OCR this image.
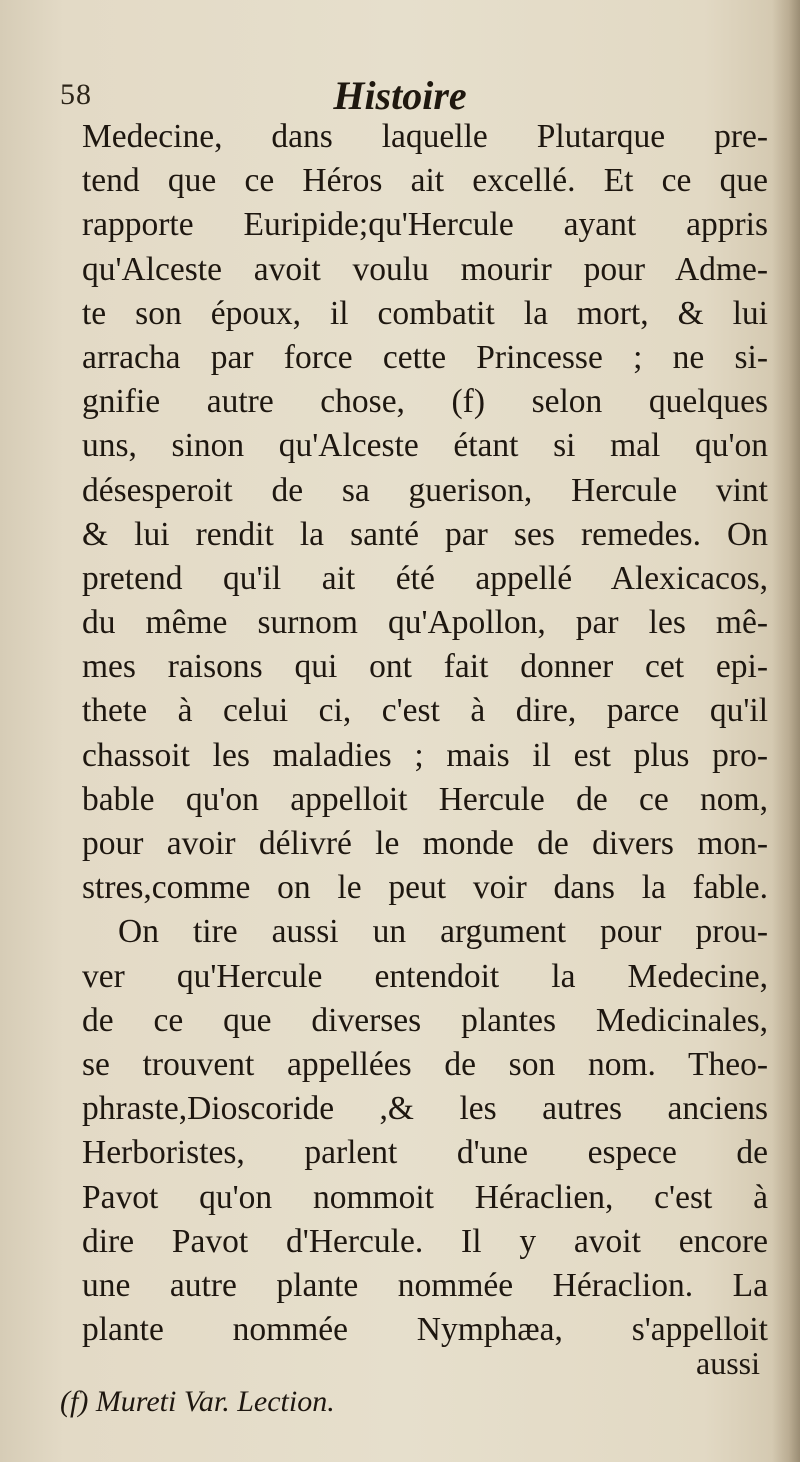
58	Histoire
Medecine, dans laquelle Plutarque pre-
tend que ce Héros ait excellé. Et ce que
rapporte Euripide;qu'Hercule ayant appris
qu'Alceste avoit voulu mourir pour Adme-
te son époux, il combatit la mort, & lui
arracha par force cette Princesse ; ne si-
gnifie autre chose, (f) selon quelques
uns, sinon qu'Alceste étant si mal qu'on
désesperoit de sa guerison, Hercule vint
& lui rendit la santé par ses remedes. On
pretend qu'il ait été appellé Alexicacos,
du même surnom qu'Apollon, par les mê-
mes raisons qui ont fait donner cet epi-
thete à celui ci, c'est à dire, parce qu'il
chassoit les maladies ; mais il est plus pro-
bable qu'on appelloit Hercule de ce nom,
pour avoir délivré le monde de divers mon-
stres,comme on le peut voir dans la fable.
On tire aussi un argument pour prou-
ver qu'Hercule entendoit la Medecine,
de ce que diverses plantes Medicinales,
se trouvent appellées de son nom. Theo-
phraste,Dioscoride ,& les autres anciens
Herboristes, parlent d'une espece de
Pavot qu'on nommoit Héraclien, c'est à
dire Pavot d'Hercule. Il y avoit encore
une autre plante nommée Héraclion. La
plante nommée Nymphæa, s'appelloit
aussi
(f) Mureti Var. Lection.
